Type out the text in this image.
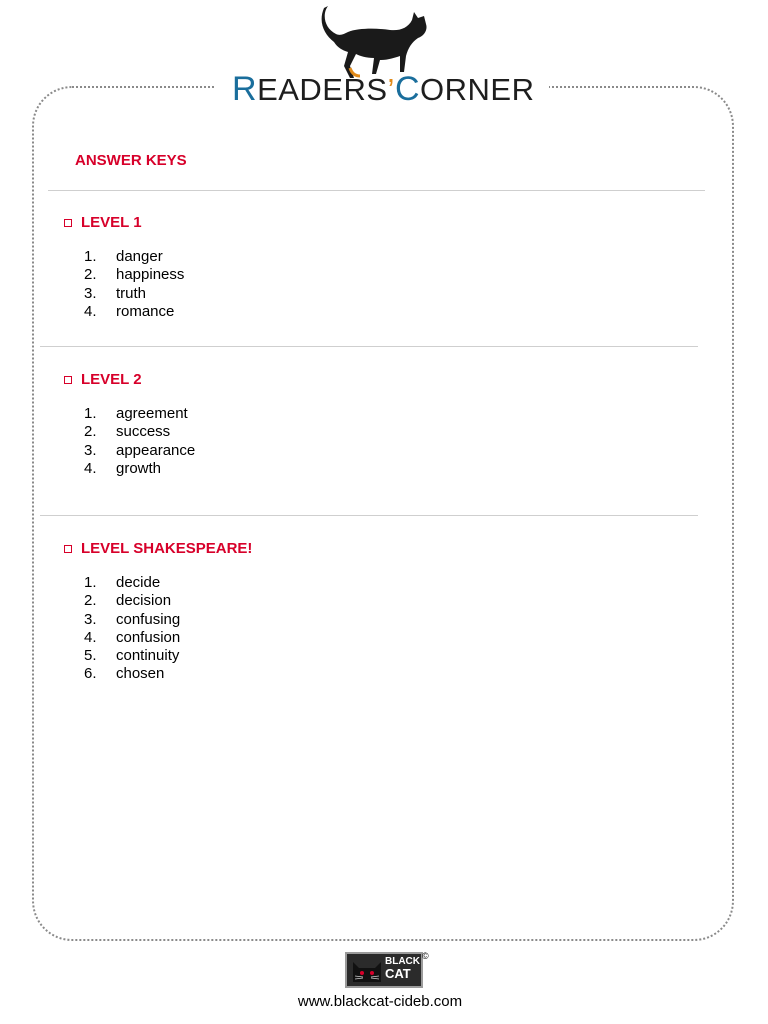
READERS’CORNER
ANSWER KEYS
LEVEL 1
1.	danger
2.	happiness
3.	truth
4.	romance
LEVEL 2
1.	agreement
2.	success
3.	appearance
4.	growth
LEVEL SHAKESPEARE!
1.	decide
2.	decision
3.	confusing
4.	confusion
5.	continuity
6.	chosen
BLACK
CAT
©
www.blackcat-cideb.com
